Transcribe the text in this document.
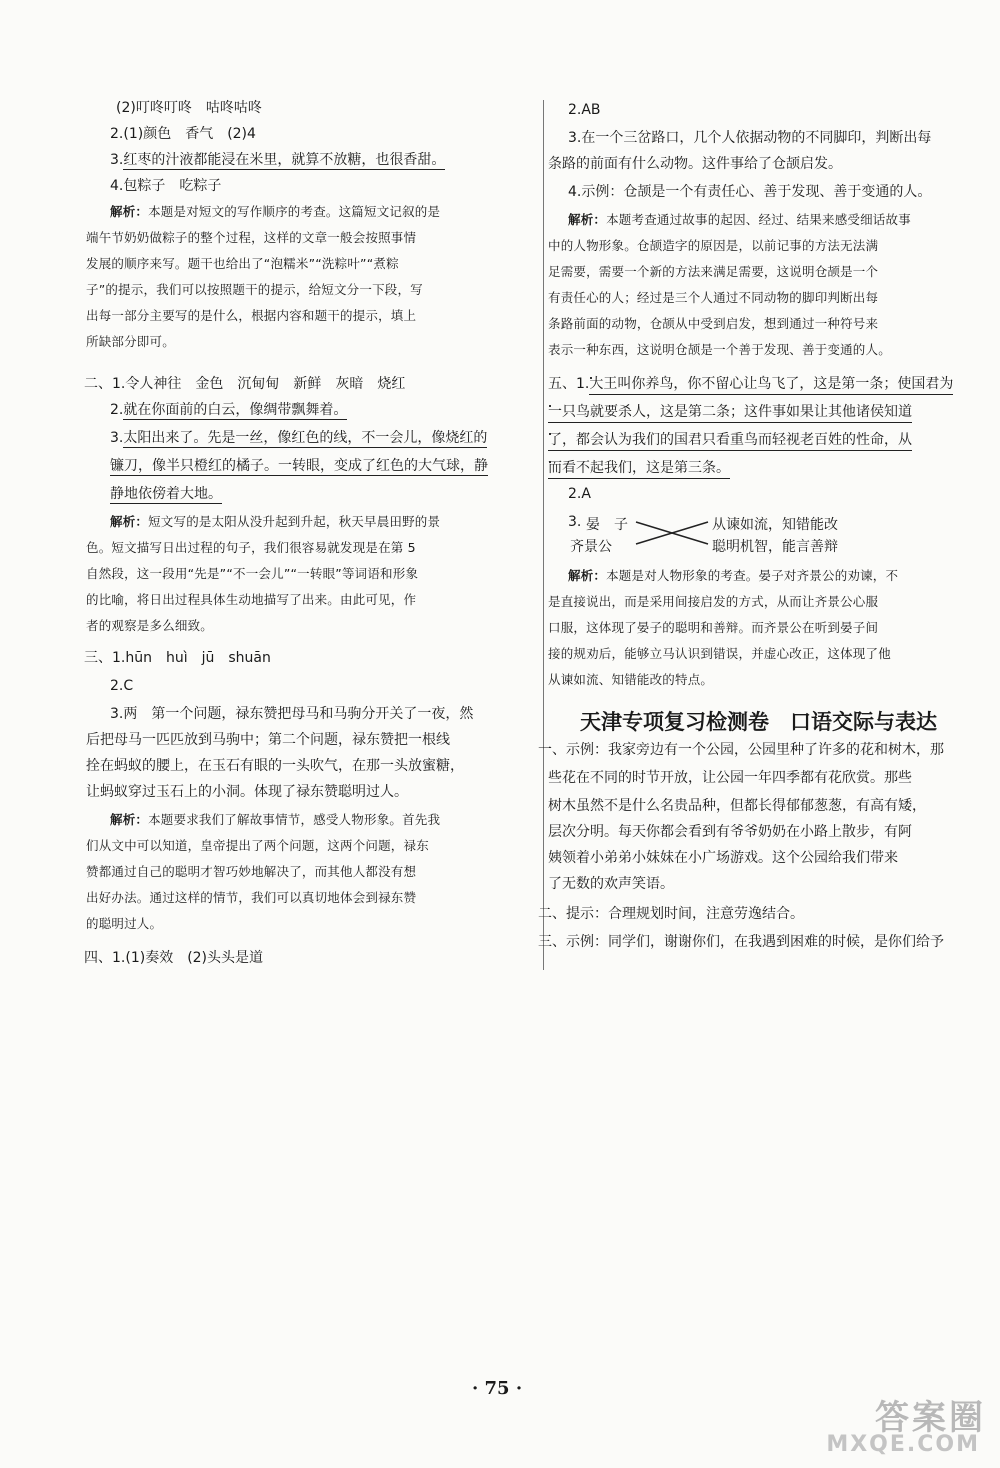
(2)叮咚叮咚　咕咚咕咚
2.(1)颜色　香气　(2)4
3.红枣的汁液都能浸在米里，就算不放糖，也很香甜。
4.包粽子　吃粽子
解析：本题是对短文的写作顺序的考查。这篇短文记叙的是
端午节奶奶做粽子的整个过程，这样的文章一般会按照事情
发展的顺序来写。题干也给出了“泡糯米”“洗粽叶”“煮粽
子”的提示，我们可以按照题干的提示，给短文分一下段，写
出每一部分主要写的是什么，根据内容和题干的提示，填上
所缺部分即可。
二、1.令人神往　金色　沉甸甸　新鲜　灰暗　烧红
2.就在你面前的白云，像绸带飘舞着。
3.太阳出来了。先是一丝，像红色的线，不一会儿，像烧红的
镰刀，像半只橙红的橘子。一转眼，变成了红色的大气球，静
静地依傍着大地。
解析：短文写的是太阳从没升起到升起，秋天早晨田野的景
色。短文描写日出过程的句子，我们很容易就发现是在第 5
自然段，这一段用“先是”“不一会儿”“一转眼”等词语和形象
的比喻，将日出过程具体生动地描写了出来。由此可见，作
者的观察是多么细致。
三、1.hūn　huì　jū　shuān
2.C
3.两　第一个问题，禄东赞把母马和马驹分开关了一夜，然
后把母马一匹匹放到马驹中；第二个问题，禄东赞把一根线
拴在蚂蚁的腰上，在玉石有眼的一头吹气，在那一头放蜜糖，
让蚂蚁穿过玉石上的小洞。体现了禄东赞聪明过人。
解析：本题要求我们了解故事情节，感受人物形象。首先我
们从文中可以知道，皇帝提出了两个问题，这两个问题，禄东
赞都通过自己的聪明才智巧妙地解决了，而其他人都没有想
出好办法。通过这样的情节，我们可以真切地体会到禄东赞
的聪明过人。
四、1.(1)奏效　(2)头头是道
2.AB
3.在一个三岔路口，几个人依据动物的不同脚印，判断出每
条路的前面有什么动物。这件事给了仓颉启发。
4.示例：仓颉是一个有责任心、善于发现、善于变通的人。
解析：本题考查通过故事的起因、经过、结果来感受细话故事
中的人物形象。仓颉造字的原因是，以前记事的方法无法满
足需要，需要一个新的方法来满足需要，这说明仓颉是一个
有责任心的人；经过是三个人通过不同动物的脚印判断出每
条路前面的动物，仓颉从中受到启发，想到通过一种符号来
表示一种东西，这说明仓颉是一个善于发现、善于变通的人。
五、1.大王叫你养鸟，你不留心让鸟飞了，这是第一条；使国君为
一只鸟就要杀人，这是第二条；这件事如果让其他诸侯知道
了，都会认为我们的国君只看重鸟而轻视老百姓的性命，从
而看不起我们，这是第三条。
2.A
3. 晏　子
齐景公
从谏如流，知错能改
聪明机智，能言善辩
解析：本题是对人物形象的考查。晏子对齐景公的劝谏，不
是直接说出，而是采用间接启发的方式，从而让齐景公心服
口服，这体现了晏子的聪明和善辩。而齐景公在听到晏子间
接的规劝后，能够立马认识到错误，并虚心改正，这体现了他
从谏如流、知错能改的特点。
一、示例：我家旁边有一个公园，公园里种了许多的花和树木，那
些花在不同的时节开放，让公园一年四季都有花欣赏。那些
树木虽然不是什么名贵品种，但都长得郁郁葱葱，有高有矮，
层次分明。每天你都会看到有爷爷奶奶在小路上散步，有阿
姨领着小弟弟小妹妹在小广场游戏。这个公园给我们带来
了无数的欢声笑语。
二、提示：合理规划时间，注意劳逸结合。
三、示例：同学们，谢谢你们，在我遇到困难的时候，是你们给予
天津专项复习检测卷　口语交际与表达
· 75 ·
答案圈
MXQE.COM
